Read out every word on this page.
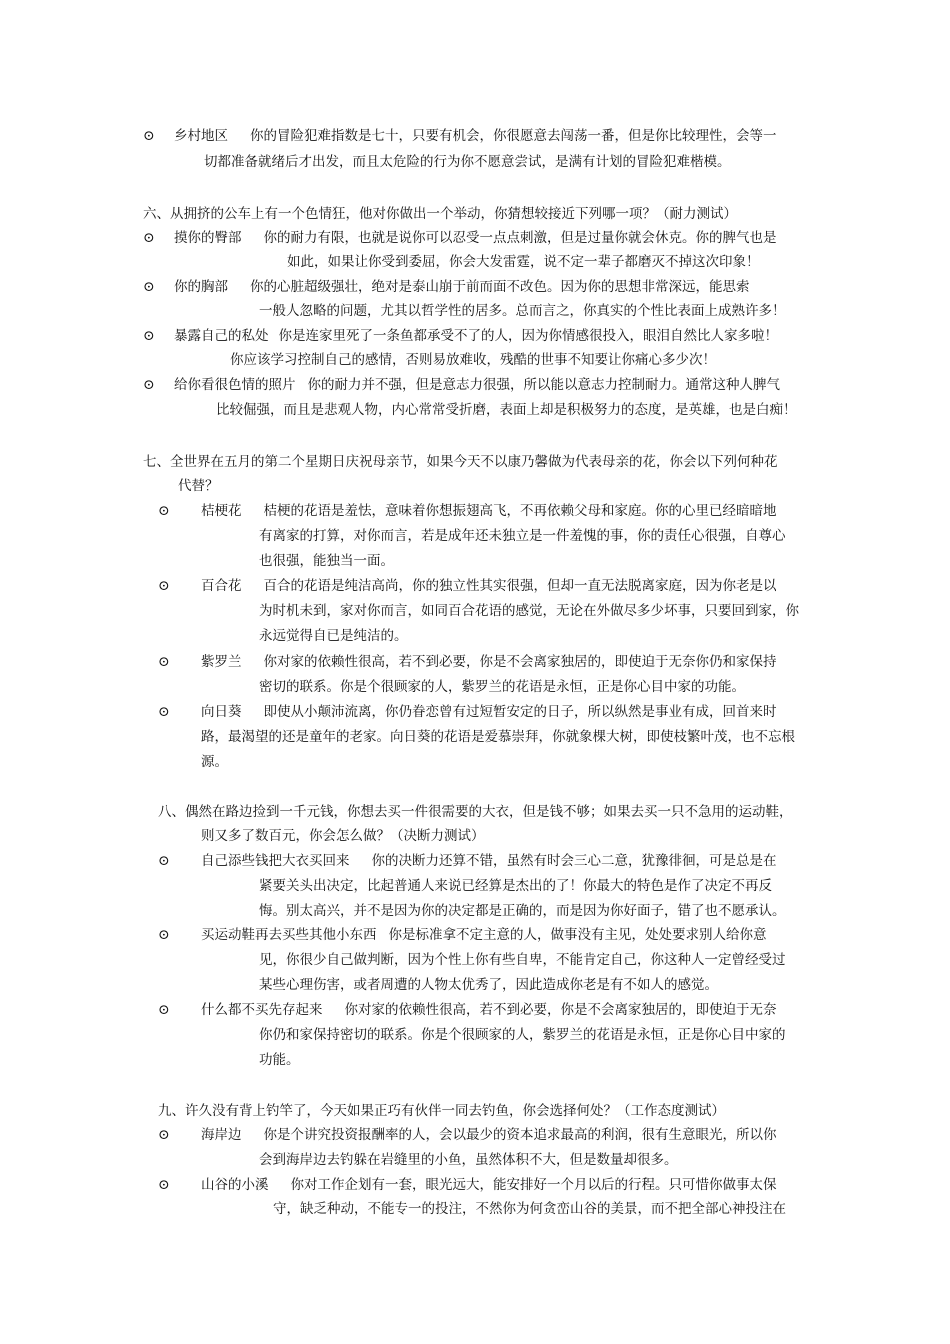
⊙ 乡村地区 你的冒险犯难指数是七十，只要有机会，你很愿意去闯荡一番，但是你比较理性，会等一
切都准备就绪后才出发，而且太危险的行为你不愿意尝试，是满有计划的冒险犯难楷模。
六、从拥挤的公车上有一个色情狂，他对你做出一个举动，你猜想较接近下列哪一项？（耐力测试）
⊙ 摸你的臀部 你的耐力有限，也就是说你可以忍受一点点刺激，但是过量你就会休克。你的脾气也是
如此，如果让你受到委屈，你会大发雷霆，说不定一辈子都磨灭不掉这次印象！
⊙ 你的胸部 你的心脏超级强壮，绝对是泰山崩于前而面不改色。因为你的思想非常深远，能思索
一般人忽略的问题，尤其以哲学性的居多。总而言之，你真实的个性比表面上成熟许多！
⊙ 暴露自己的私处 你是连家里死了一条鱼都承受不了的人，因为你情感很投入，眼泪自然比人家多啦！
你应该学习控制自己的感情，否则易放难收，残酷的世事不知要让你痛心多少次！
⊙ 给你看很色情的照片 你的耐力并不强，但是意志力很强，所以能以意志力控制耐力。通常这种人脾气
比较倔强，而且是悲观人物，内心常常受折磨，表面上却是积极努力的态度，是英雄，也是白痴！
七、全世界在五月的第二个星期日庆祝母亲节，如果今天不以康乃馨做为代表母亲的花，你会以下列何种花
代替？
⊙ 桔梗花 桔梗的花语是羞怯，意味着你想振翅高飞，不再依赖父母和家庭。你的心里已经暗暗地
有离家的打算，对你而言，若是成年还未独立是一件羞愧的事，你的责任心很强，自尊心
也很强，能独当一面。
⊙ 百合花 百合的花语是纯洁高尚，你的独立性其实很强，但却一直无法脱离家庭，因为你老是以
为时机未到，家对你而言，如同百合花语的感觉，无论在外做尽多少坏事，只要回到家，你
永远觉得自已是纯洁的。
⊙ 紫罗兰 你对家的依赖性很高，若不到必要，你是不会离家独居的，即使迫于无奈你仍和家保持
密切的联系。你是个很顾家的人，紫罗兰的花语是永恒，正是你心目中家的功能。
⊙ 向日葵 即使从小颠沛流离，你仍眷恋曾有过短暂安定的日子，所以纵然是事业有成，回首来时
路，最渴望的还是童年的老家。向日葵的花语是爱慕崇拜，你就象棵大树，即使枝繁叶茂，也不忘根
源。
八、偶然在路边捡到一千元钱，你想去买一件很需要的大衣，但是钱不够；如果去买一只不急用的运动鞋，
则又多了数百元，你会怎么做？（决断力测试）
⊙ 自己添些钱把大衣买回来 你的决断力还算不错，虽然有时会三心二意，犹豫徘徊，可是总是在
紧要关头出决定，比起普通人来说已经算是杰出的了！你最大的特色是作了决定不再反
悔。别太高兴，并不是因为你的决定都是正确的，而是因为你好面子，错了也不愿承认。
⊙ 买运动鞋再去买些其他小东西 你是标准拿不定主意的人，做事没有主见，处处要求别人给你意
见，你很少自己做判断，因为个性上你有些自卑，不能肯定自己，你这种人一定曾经受过
某些心理伤害，或者周遭的人物太优秀了，因此造成你老是有不如人的感觉。
⊙ 什么都不买先存起来 你对家的依赖性很高，若不到必要，你是不会离家独居的，即使迫于无奈
你仍和家保持密切的联系。你是个很顾家的人，紫罗兰的花语是永恒，正是你心目中家的
功能。
九、许久没有背上钓竿了，今天如果正巧有伙伴一同去钓鱼，你会选择何处？（工作态度测试）
⊙ 海岸边 你是个讲究投资报酬率的人，会以最少的资本追求最高的利润，很有生意眼光，所以你
会到海岸边去钓躲在岩缝里的小鱼，虽然体积不大，但是数量却很多。
⊙ 山谷的小溪 你对工作企划有一套，眼光远大，能安排好一个月以后的行程。只可惜你做事太保
守，缺乏种动，不能专一的投注，不然你为何贪峦山谷的美景，而不把全部心神投注在
